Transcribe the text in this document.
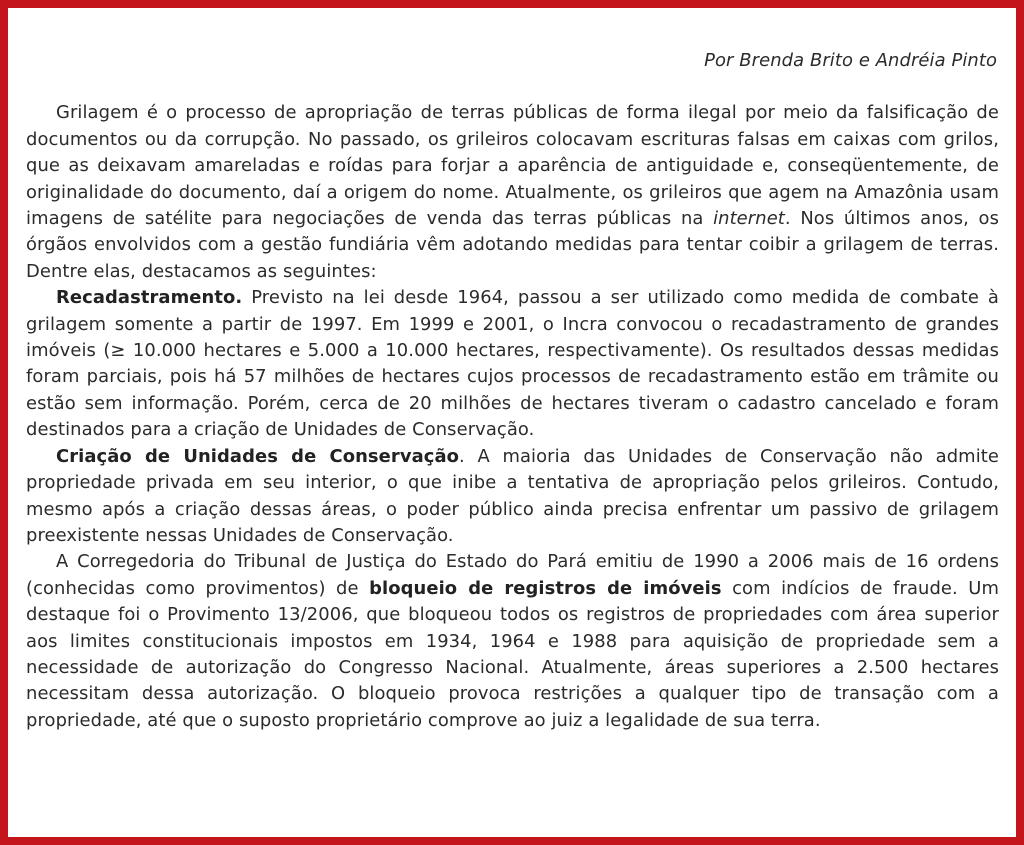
Por Brenda Brito e Andréia Pinto

Grilagem é o processo de apropriação de terras públicas de forma ilegal por meio da falsificação de documentos ou da corrupção. No passado, os grileiros colocavam escrituras falsas em caixas com grilos, que as deixavam amareladas e roídas para forjar a aparência de antiguidade e, conseqüentemente, de originalidade do documento, daí a origem do nome. Atualmente, os grileiros que agem na Amazônia usam imagens de satélite para negociações de venda das terras públicas na internet. Nos últimos anos, os órgãos envolvidos com a gestão fundiária vêm adotando medidas para tentar coibir a grilagem de terras. Dentre elas, destacamos as seguintes:

Recadastramento. Previsto na lei desde 1964, passou a ser utilizado como medida de combate à grilagem somente a partir de 1997. Em 1999 e 2001, o Incra convocou o recadastramento de grandes imóveis (≥ 10.000 hectares e 5.000 a 10.000 hectares, respectivamente). Os resultados dessas medidas foram parciais, pois há 57 milhões de hectares cujos processos de recadastramento estão em trâmite ou estão sem informação. Porém, cerca de 20 milhões de hectares tiveram o cadastro cancelado e foram destinados para a criação de Unidades de Conservação.

Criação de Unidades de Conservação. A maioria das Unidades de Conservação não admite propriedade privada em seu interior, o que inibe a tentativa de apropriação pelos grileiros. Contudo, mesmo após a criação dessas áreas, o poder público ainda precisa enfrentar um passivo de grilagem preexistente nessas Unidades de Conservação.

A Corregedoria do Tribunal de Justiça do Estado do Pará emitiu de 1990 a 2006 mais de 16 ordens (conhecidas como provimentos) de bloqueio de registros de imóveis com indícios de fraude. Um destaque foi o Provimento 13/2006, que bloqueou todos os registros de propriedades com área superior aos limites constitucionais impostos em 1934, 1964 e 1988 para aquisição de propriedade sem a necessidade de autorização do Congresso Nacional. Atualmente, áreas superiores a 2.500 hectares necessitam dessa autorização. O bloqueio provoca restrições a qualquer tipo de transação com a propriedade, até que o suposto proprietário comprove ao juiz a legalidade de sua terra.
